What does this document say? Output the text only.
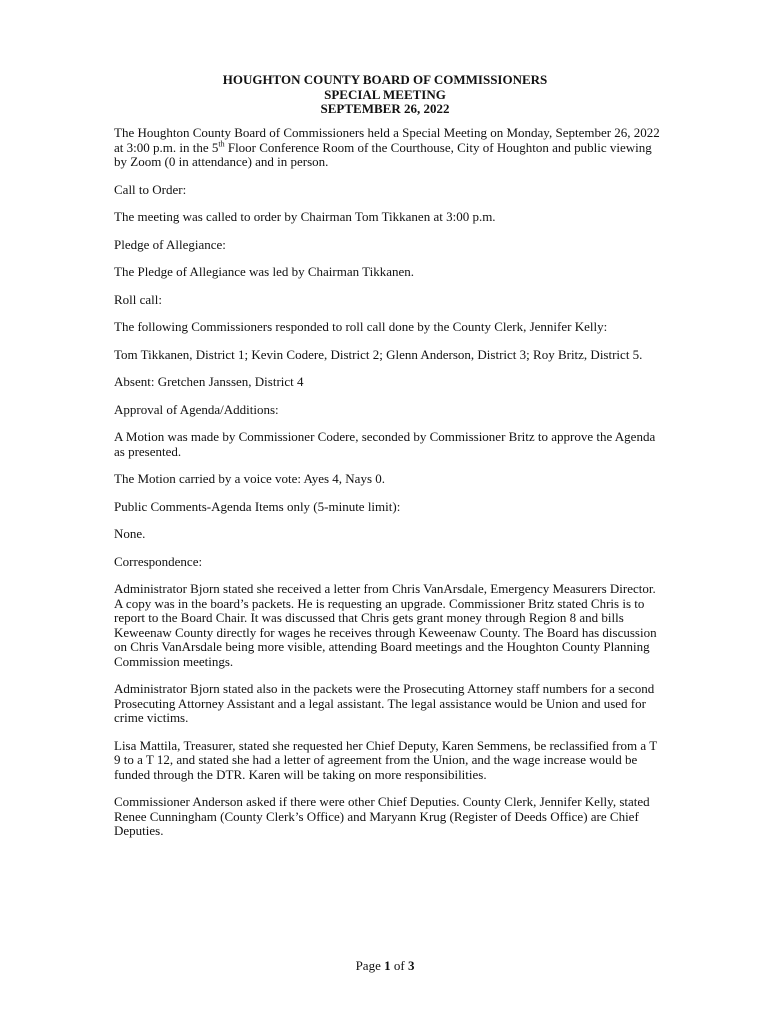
HOUGHTON COUNTY BOARD OF COMMISSIONERS
SPECIAL MEETING
SEPTEMBER 26, 2022

The Houghton County Board of Commissioners held a Special Meeting on Monday, September 26, 2022 at 3:00 p.m. in the 5th Floor Conference Room of the Courthouse, City of Houghton and public viewing by Zoom (0 in attendance) and in person.

Call to Order:

The meeting was called to order by Chairman Tom Tikkanen at 3:00 p.m.

Pledge of Allegiance:

The Pledge of Allegiance was led by Chairman Tikkanen.

Roll call:

The following Commissioners responded to roll call done by the County Clerk, Jennifer Kelly:

Tom Tikkanen, District 1; Kevin Codere, District 2; Glenn Anderson, District 3; Roy Britz, District 5.

Absent: Gretchen Janssen, District 4

Approval of Agenda/Additions:

A Motion was made by Commissioner Codere, seconded by Commissioner Britz to approve the Agenda as presented.

The Motion carried by a voice vote: Ayes 4, Nays 0.

Public Comments-Agenda Items only (5-minute limit):

None.

Correspondence:

Administrator Bjorn stated she received a letter from Chris VanArsdale, Emergency Measurers Director. A copy was in the board’s packets. He is requesting an upgrade. Commissioner Britz stated Chris is to report to the Board Chair. It was discussed that Chris gets grant money through Region 8 and bills Keweenaw County directly for wages he receives through Keweenaw County. The Board has discussion on Chris VanArsdale being more visible, attending Board meetings and the Houghton County Planning Commission meetings.

Administrator Bjorn stated also in the packets were the Prosecuting Attorney staff numbers for a second Prosecuting Attorney Assistant and a legal assistant. The legal assistance would be Union and used for crime victims.

Lisa Mattila, Treasurer, stated she requested her Chief Deputy, Karen Semmens, be reclassified from a T 9 to a T 12, and stated she had a letter of agreement from the Union, and the wage increase would be funded through the DTR. Karen will be taking on more responsibilities.

Commissioner Anderson asked if there were other Chief Deputies. County Clerk, Jennifer Kelly, stated Renee Cunningham (County Clerk’s Office) and Maryann Krug (Register of Deeds Office) are Chief Deputies.

Page 1 of 3
